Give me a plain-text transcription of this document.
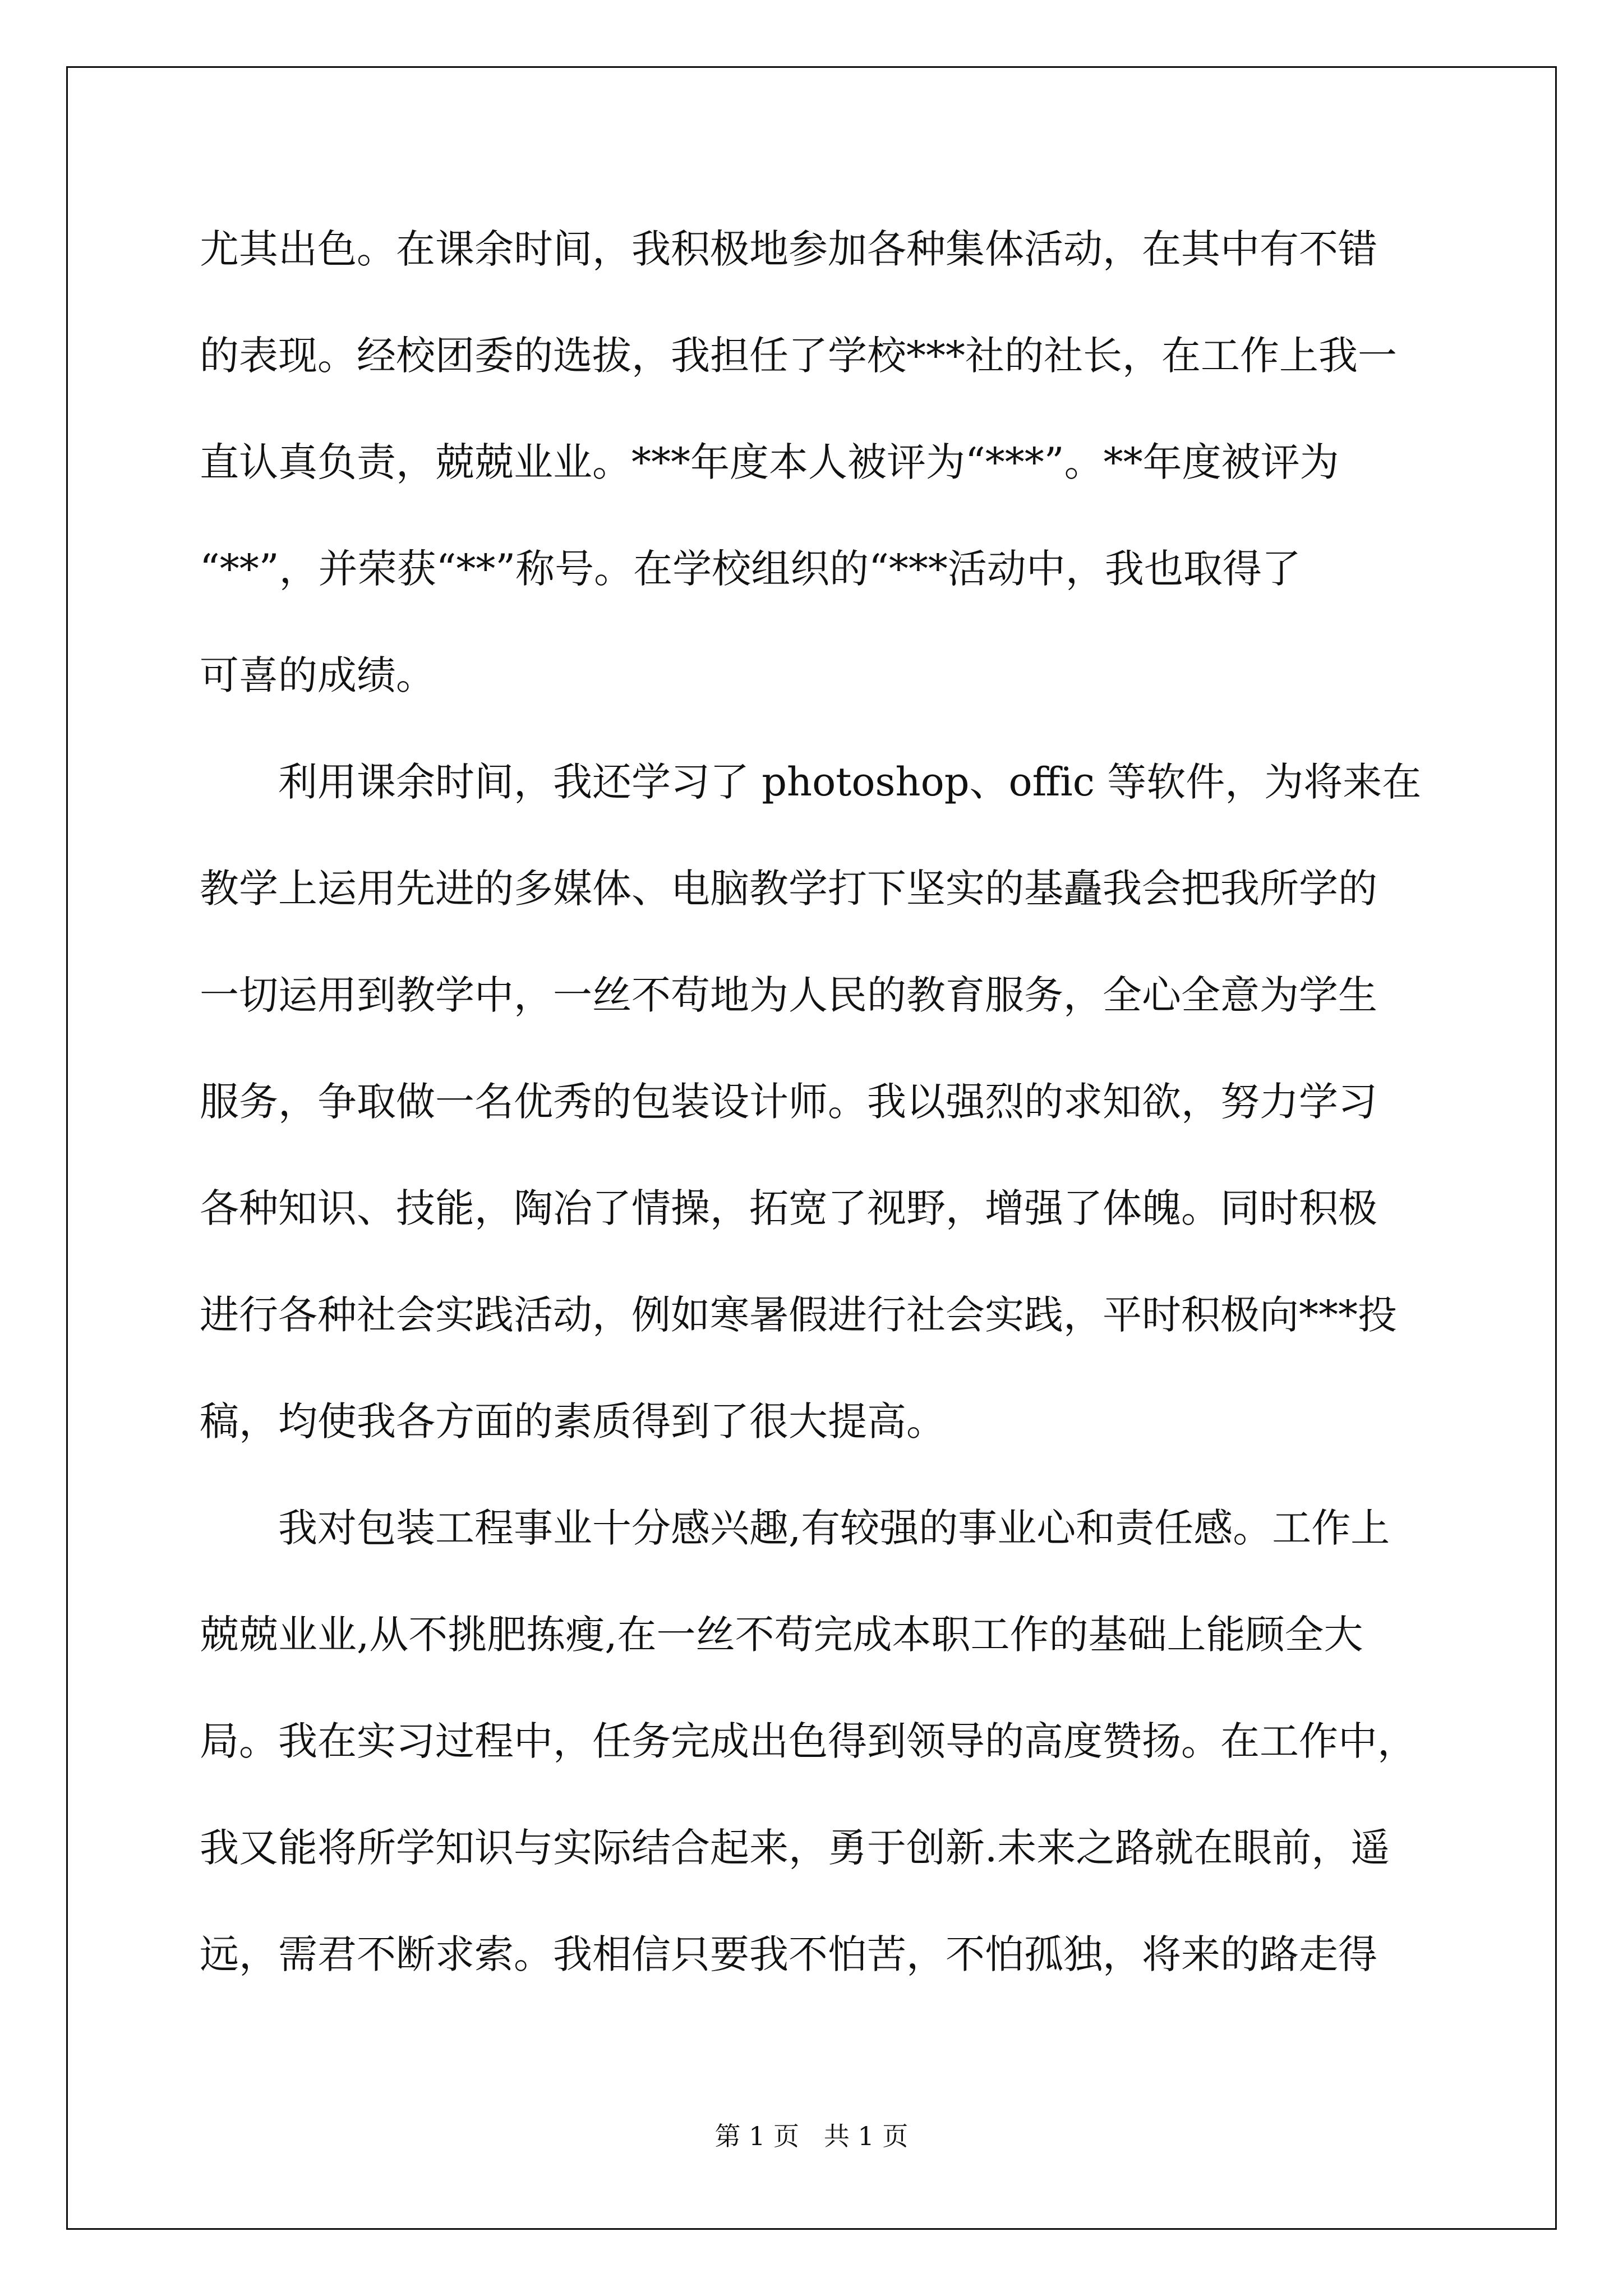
尤其出色。在课余时间，我积极地参加各种集体活动，在其中有不错

的表现。经校团委的选拔，我担任了学校***社的社长，在工作上我一

直认真负责，兢兢业业。***年度本人被评为“***”。**年度被评为

“**”，并荣获“**”称号。在学校组织的“***活动中，我也取得了

可喜的成绩。

利用课余时间，我还学习了 photoshop、offic 等软件，为将来在

教学上运用先进的多媒体、电脑教学打下坚实的基矗我会把我所学的

一切运用到教学中，一丝不苟地为人民的教育服务，全心全意为学生

服务，争取做一名优秀的包装设计师。我以强烈的求知欲，努力学习

各种知识、技能，陶冶了情操，拓宽了视野，增强了体魄。同时积极

进行各种社会实践活动，例如寒暑假进行社会实践，平时积极向***投

稿，均使我各方面的素质得到了很大提高。

我对包装工程事业十分感兴趣,有较强的事业心和责任感。工作上

兢兢业业,从不挑肥拣瘦,在一丝不苟完成本职工作的基础上能顾全大

局。我在实习过程中，任务完成出色得到领导的高度赞扬。在工作中，

我又能将所学知识与实际结合起来，勇于创新.未来之路就在眼前，遥

远，需君不断求索。我相信只要我不怕苦，不怕孤独，将来的路走得

第 1 页   共 1 页
